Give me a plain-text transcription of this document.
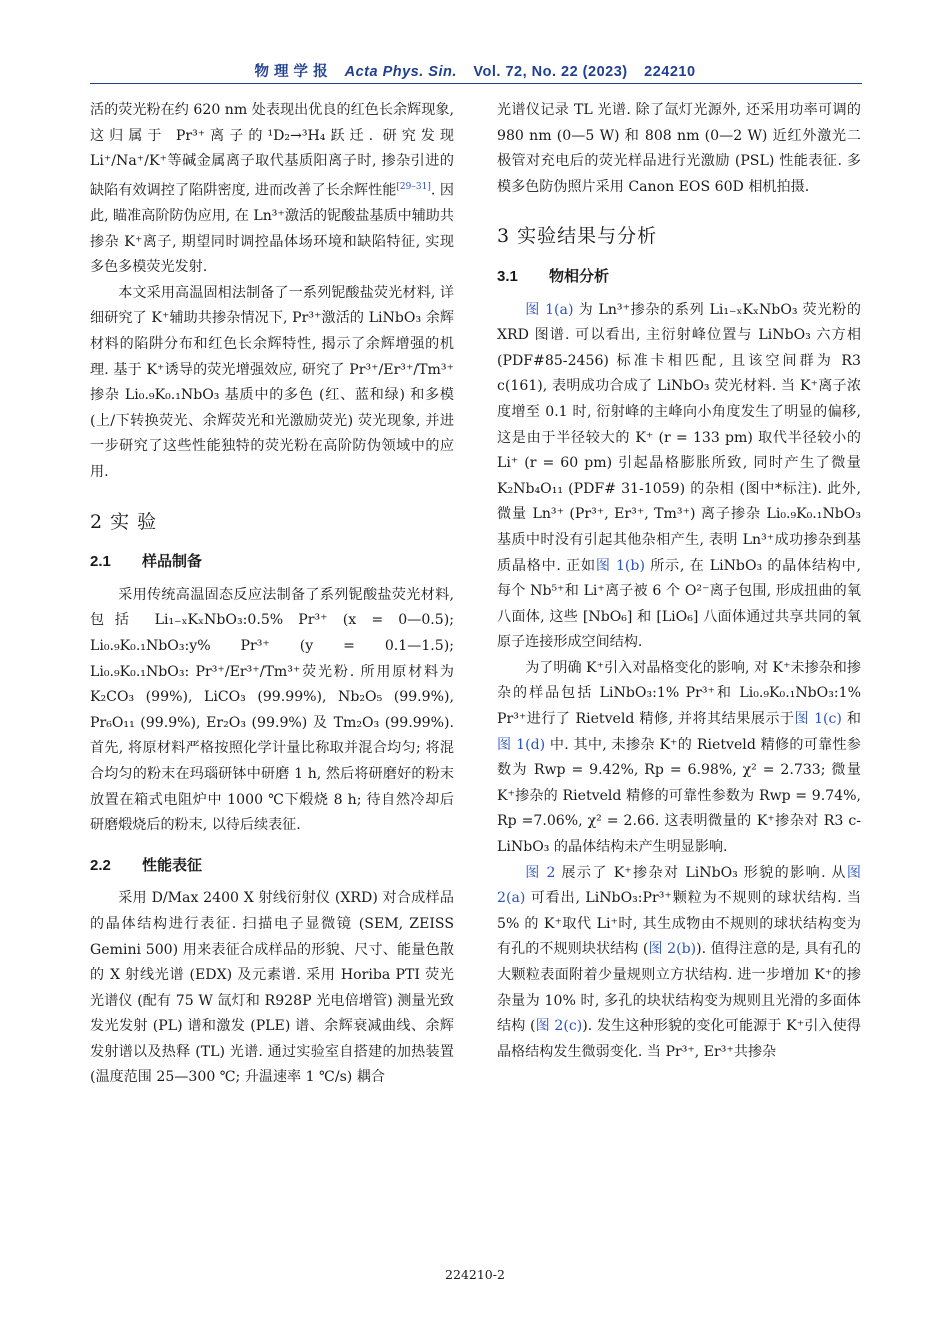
物 理 学 报 Acta Phys. Sin. Vol. 72, No. 22 (2023) 224210

活的荧光粉在约 620 nm 处表现出优良的红色长余辉现象, 这归属于 Pr³⁺离子的¹D₂→³H₄跃迁. 研究发现 Li⁺/Na⁺/K⁺等碱金属离子取代基质阳离子时, 掺杂引进的缺陷有效调控了陷阱密度, 进而改善了长余辉性能[29–31]. 因此, 瞄准高阶防伪应用, 在 Ln³⁺激活的铌酸盐基质中辅助共掺杂 K⁺离子, 期望同时调控晶体场环境和缺陷特征, 实现多色多模荧光发射.

本文采用高温固相法制备了一系列铌酸盐荧光材料, 详细研究了 K⁺辅助共掺杂情况下, Pr³⁺激活的 LiNbO₃ 余辉材料的陷阱分布和红色长余辉特性, 揭示了余辉增强的机理. 基于 K⁺诱导的荧光增强效应, 研究了 Pr³⁺/Er³⁺/Tm³⁺掺杂 Li₀.₉K₀.₁NbO₃ 基质中的多色 (红、蓝和绿) 和多模 (上/下转换荧光、余辉荧光和光激励荧光) 荧光现象, 并进一步研究了这些性能独特的荧光粉在高阶防伪领域中的应用.

2 实 验
2.1 样品制备

采用传统高温固态反应法制备了系列铌酸盐荧光材料, 包括 Li₁₋ₓKₓNbO₃:0.5% Pr³⁺ (x = 0—0.5); Li₀.₉K₀.₁NbO₃:y% Pr³⁺ (y = 0.1—1.5); Li₀.₉K₀.₁NbO₃: Pr³⁺/Er³⁺/Tm³⁺荧光粉. 所用原材料为 K₂CO₃ (99%), LiCO₃ (99.99%), Nb₂O₅ (99.9%), Pr₆O₁₁ (99.9%), Er₂O₃ (99.9%) 及 Tm₂O₃ (99.99%). 首先, 将原材料严格按照化学计量比称取并混合均匀; 将混合均匀的粉末在玛瑙研钵中研磨 1 h, 然后将研磨好的粉末放置在箱式电阻炉中 1000 ℃下煅烧 8 h; 待自然冷却后研磨煅烧后的粉末, 以待后续表征.

2.2 性能表征

采用 D/Max 2400 X 射线衍射仪 (XRD) 对合成样品的晶体结构进行表征. 扫描电子显微镜 (SEM, ZEISS Gemini 500) 用来表征合成样品的形貌、尺寸、能量色散的 X 射线光谱 (EDX) 及元素谱. 采用 Horiba PTI 荧光光谱仪 (配有 75 W 氙灯和 R928P 光电倍增管) 测量光致发光发射 (PL) 谱和激发 (PLE) 谱、余辉衰减曲线、余辉发射谱以及热释 (TL) 光谱. 通过实验室自搭建的加热装置 (温度范围 25—300 ℃; 升温速率 1 ℃/s) 耦合

光谱仪记录 TL 光谱. 除了氙灯光源外, 还采用功率可调的 980 nm (0—5 W) 和 808 nm (0—2 W) 近红外激光二极管对充电后的荧光样品进行光激励 (PSL) 性能表征. 多模多色防伪照片采用 Canon EOS 60D 相机拍摄.

3 实验结果与分析
3.1 物相分析

图 1(a) 为 Ln³⁺掺杂的系列 Li₁₋ₓKₓNbO₃ 荧光粉的 XRD 图谱. 可以看出, 主衍射峰位置与 LiNbO₃ 六方相 (PDF#85-2456) 标准卡相匹配, 且该空间群为 R3 c(161), 表明成功合成了 LiNbO₃ 荧光材料. 当 K⁺离子浓度增至 0.1 时, 衍射峰的主峰向小角度发生了明显的偏移, 这是由于半径较大的 K⁺ (r = 133 pm) 取代半径较小的 Li⁺ (r = 60 pm) 引起晶格膨胀所致, 同时产生了微量 K₂Nb₄O₁₁ (PDF# 31-1059) 的杂相 (图中*标注). 此外, 微量 Ln³⁺ (Pr³⁺, Er³⁺, Tm³⁺) 离子掺杂 Li₀.₉K₀.₁NbO₃ 基质中时没有引起其他杂相产生, 表明 Ln³⁺成功掺杂到基质晶格中. 正如图 1(b) 所示, 在 LiNbO₃ 的晶体结构中, 每个 Nb⁵⁺和 Li⁺离子被 6 个 O²⁻离子包围, 形成扭曲的氧八面体, 这些 [NbO₆] 和 [LiO₆] 八面体通过共享共同的氧原子连接形成空间结构.

为了明确 K⁺引入对晶格变化的影响, 对 K⁺未掺杂和掺杂的样品包括 LiNbO₃:1% Pr³⁺和 Li₀.₉K₀.₁NbO₃:1% Pr³⁺进行了 Rietveld 精修, 并将其结果展示于图 1(c) 和图 1(d) 中. 其中, 未掺杂 K⁺的 Rietveld 精修的可靠性参数为 Rwp = 9.42%, Rp = 6.98%, χ² = 2.733; 微量 K⁺掺杂的 Rietveld 精修的可靠性参数为 Rwp = 9.74%, Rp =7.06%, χ² = 2.66. 这表明微量的 K⁺掺杂对 R3 c-LiNbO₃ 的晶体结构未产生明显影响.

图 2 展示了 K⁺掺杂对 LiNbO₃ 形貌的影响. 从图 2(a) 可看出, LiNbO₃:Pr³⁺颗粒为不规则的球状结构. 当 5% 的 K⁺取代 Li⁺时, 其生成物由不规则的球状结构变为有孔的不规则块状结构 (图 2(b)). 值得注意的是, 具有孔的大颗粒表面附着少量规则立方状结构. 进一步增加 K⁺的掺杂量为 10% 时, 多孔的块状结构变为规则且光滑的多面体结构 (图 2(c)). 发生这种形貌的变化可能源于 K⁺引入使得晶格结构发生微弱变化. 当 Pr³⁺, Er³⁺共掺杂

224210-2
